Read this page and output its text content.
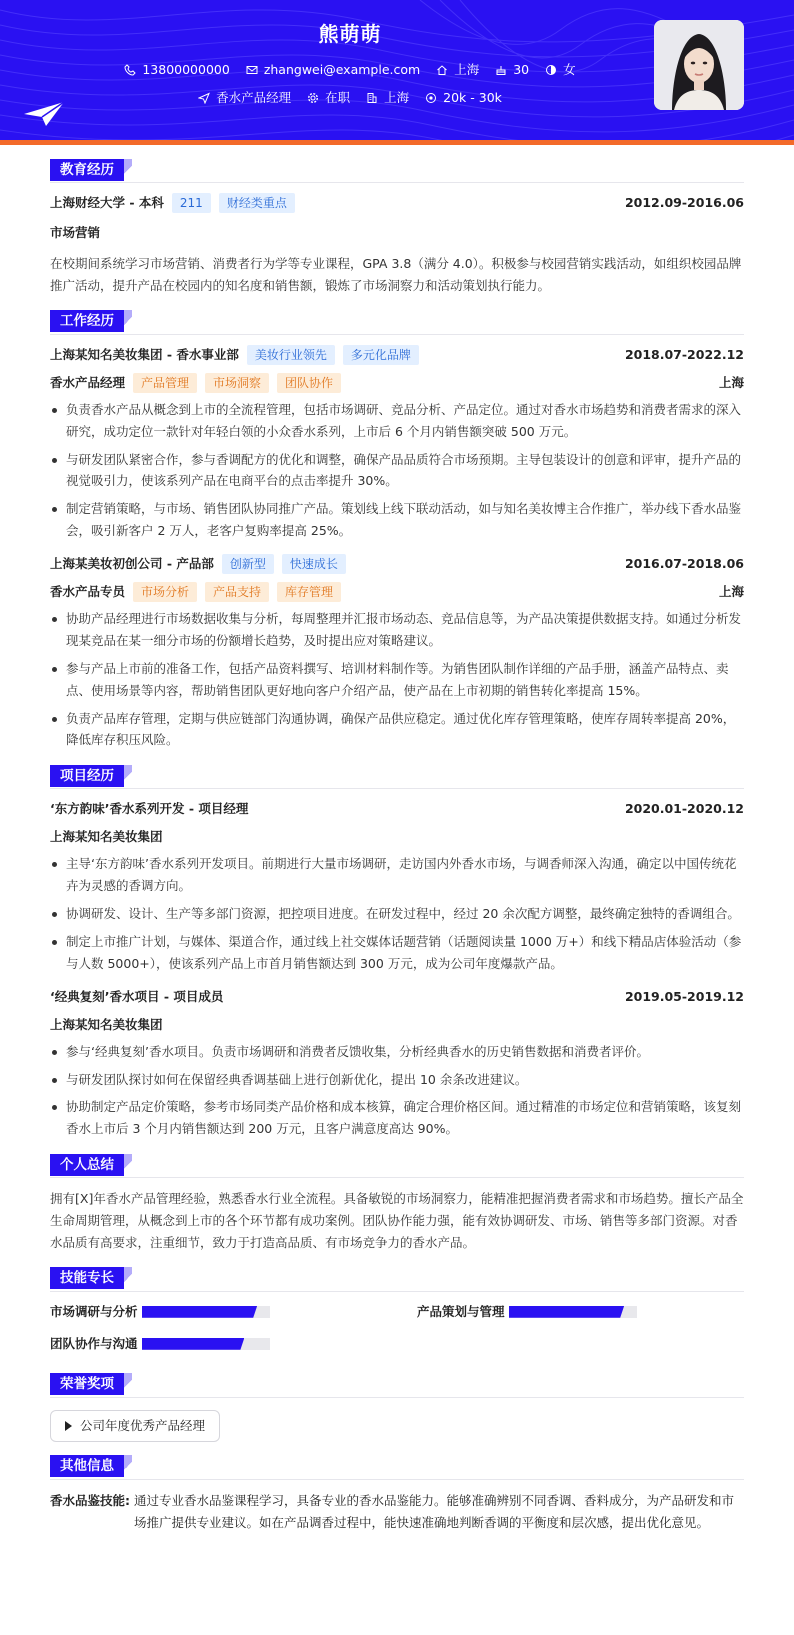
熊萌萌
13800000000	zhangwei@example.com	上海	30	女
香水产品经理	在职	上海	20k - 30k
教育经历
上海财经大学 - 本科	211	财经类重点	2012.09-2016.06
市场营销
在校期间系统学习市场营销、消费者行为学等专业课程，GPA 3.8（满分 4.0）。积极参与校园营销实践活动，如组织校园品牌推广活动，提升产品在校园内的知名度和销售额，锻炼了市场洞察力和活动策划执行能力。
工作经历
上海某知名美妆集团 - 香水事业部	美妆行业领先	多元化品牌	2018.07-2022.12
香水产品经理	产品管理	市场洞察	团队协作	上海
负责香水产品从概念到上市的全流程管理，包括市场调研、竞品分析、产品定位。通过对香水市场趋势和消费者需求的深入研究，成功定位一款针对年轻白领的小众香水系列，上市后 6 个月内销售额突破 500 万元。
与研发团队紧密合作，参与香调配方的优化和调整，确保产品品质符合市场预期。主导包装设计的创意和评审，提升产品的视觉吸引力，使该系列产品在电商平台的点击率提升 30%。
制定营销策略，与市场、销售团队协同推广产品。策划线上线下联动活动，如与知名美妆博主合作推广，举办线下香水品鉴会，吸引新客户 2 万人，老客户复购率提高 25%。
上海某美妆初创公司 - 产品部	创新型	快速成长	2016.07-2018.06
香水产品专员	市场分析	产品支持	库存管理	上海
协助产品经理进行市场数据收集与分析，每周整理并汇报市场动态、竞品信息等，为产品决策提供数据支持。如通过分析发现某竞品在某一细分市场的份额增长趋势，及时提出应对策略建议。
参与产品上市前的准备工作，包括产品资料撰写、培训材料制作等。为销售团队制作详细的产品手册，涵盖产品特点、卖点、使用场景等内容，帮助销售团队更好地向客户介绍产品，使产品在上市初期的销售转化率提高 15%。
负责产品库存管理，定期与供应链部门沟通协调，确保产品供应稳定。通过优化库存管理策略，使库存周转率提高 20%，降低库存积压风险。
项目经历
‘东方韵味’香水系列开发 - 项目经理	2020.01-2020.12
上海某知名美妆集团
主导‘东方韵味’香水系列开发项目。前期进行大量市场调研，走访国内外香水市场，与调香师深入沟通，确定以中国传统花卉为灵感的香调方向。
协调研发、设计、生产等多部门资源，把控项目进度。在研发过程中，经过 20 余次配方调整，最终确定独特的香调组合。
制定上市推广计划，与媒体、渠道合作，通过线上社交媒体话题营销（话题阅读量 1000 万+）和线下精品店体验活动（参与人数 5000+），使该系列产品上市首月销售额达到 300 万元，成为公司年度爆款产品。
‘经典复刻’香水项目 - 项目成员	2019.05-2019.12
上海某知名美妆集团
参与‘经典复刻’香水项目。负责市场调研和消费者反馈收集，分析经典香水的历史销售数据和消费者评价。
与研发团队探讨如何在保留经典香调基础上进行创新优化，提出 10 余条改进建议。
协助制定产品定价策略，参考市场同类产品价格和成本核算，确定合理价格区间。通过精准的市场定位和营销策略，该复刻香水上市后 3 个月内销售额达到 200 万元，且客户满意度高达 90%。
个人总结
拥有[X]年香水产品管理经验，熟悉香水行业全流程。具备敏锐的市场洞察力，能精准把握消费者需求和市场趋势。擅长产品全生命周期管理，从概念到上市的各个环节都有成功案例。团队协作能力强，能有效协调研发、市场、销售等多部门资源。对香水品质有高要求，注重细节，致力于打造高品质、有市场竞争力的香水产品。
技能专长
市场调研与分析	产品策划与管理
团队协作与沟通
荣誉奖项
公司年度优秀产品经理
其他信息
香水品鉴技能: 通过专业香水品鉴课程学习，具备专业的香水品鉴能力。能够准确辨别不同香调、香料成分，为产品研发和市场推广提供专业建议。如在产品调香过程中，能快速准确地判断香调的平衡度和层次感，提出优化意见。
